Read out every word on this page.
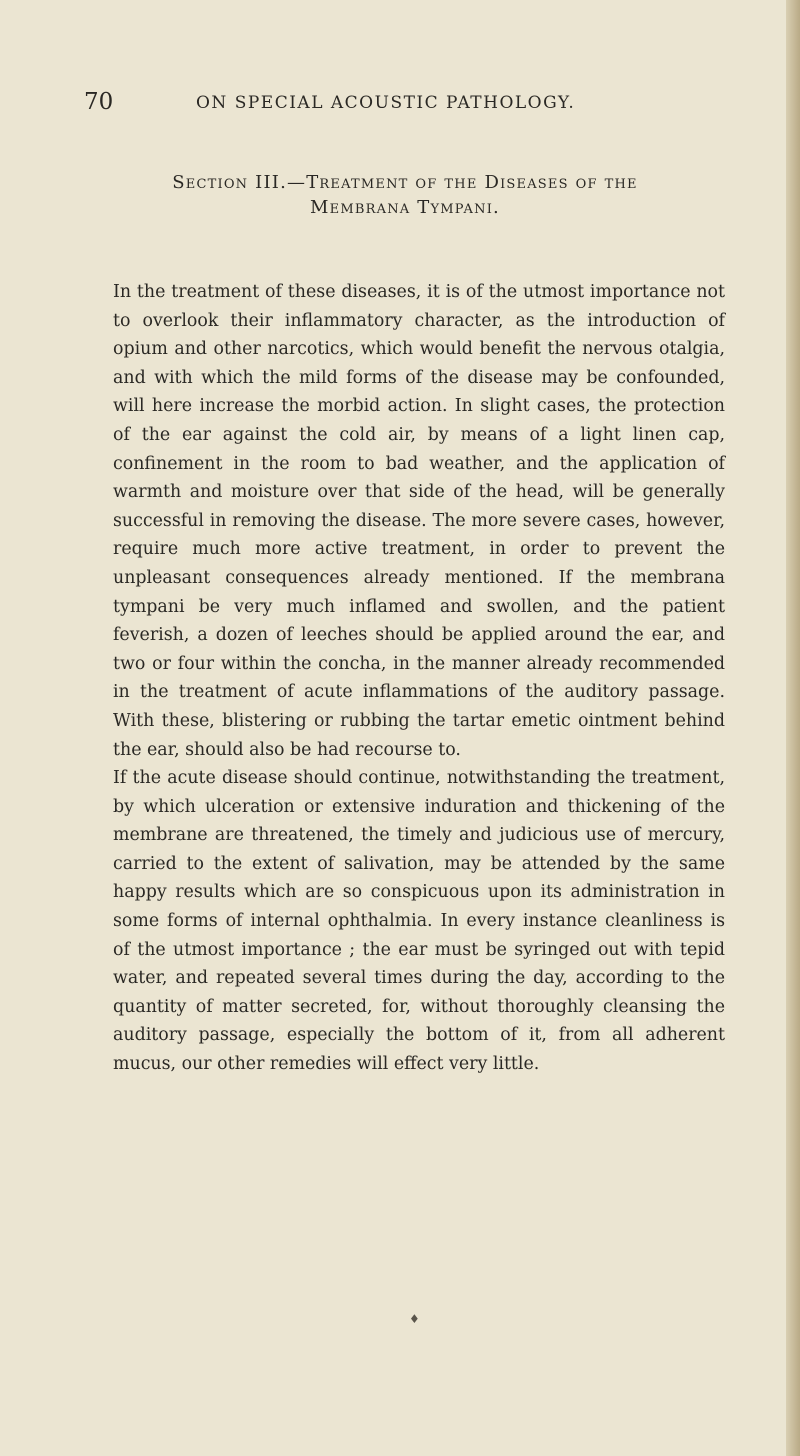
70	ON SPECIAL ACOUSTIC PATHOLOGY.
Section III.—Treatment of the Diseases of the
Membrana Tympani.

In the treatment of these diseases, it is of the utmost importance not to overlook their inflammatory character, as the introduction of opium and other narcotics, which would benefit the nervous otalgia, and with which the mild forms of the disease may be confounded, will here increase the morbid action. In slight cases, the protection of the ear against the cold air, by means of a light linen cap, confinement in the room to bad weather, and the application of warmth and moisture over that side of the head, will be generally successful in removing the disease. The more severe cases, however, require much more active treatment, in order to prevent the unpleasant consequences already mentioned. If the membrana tympani be very much inflamed and swollen, and the patient feverish, a dozen of leeches should be applied around the ear, and two or four within the concha, in the manner already recommended in the treatment of acute inflammations of the auditory passage. With these, blistering or rubbing the tartar emetic ointment behind the ear, should also be had recourse to.

If the acute disease should continue, notwithstanding the treatment, by which ulceration or extensive induration and thickening of the membrane are threatened, the timely and judicious use of mercury, carried to the extent of salivation, may be attended by the same happy results which are so conspicuous upon its administration in some forms of internal ophthalmia. In every instance cleanliness is of the utmost importance ; the ear must be syringed out with tepid water, and repeated several times during the day, according to the quantity of matter secreted, for, without thoroughly cleansing the auditory passage, especially the bottom of it, from all adherent mucus, our other remedies will effect very little.

♦
